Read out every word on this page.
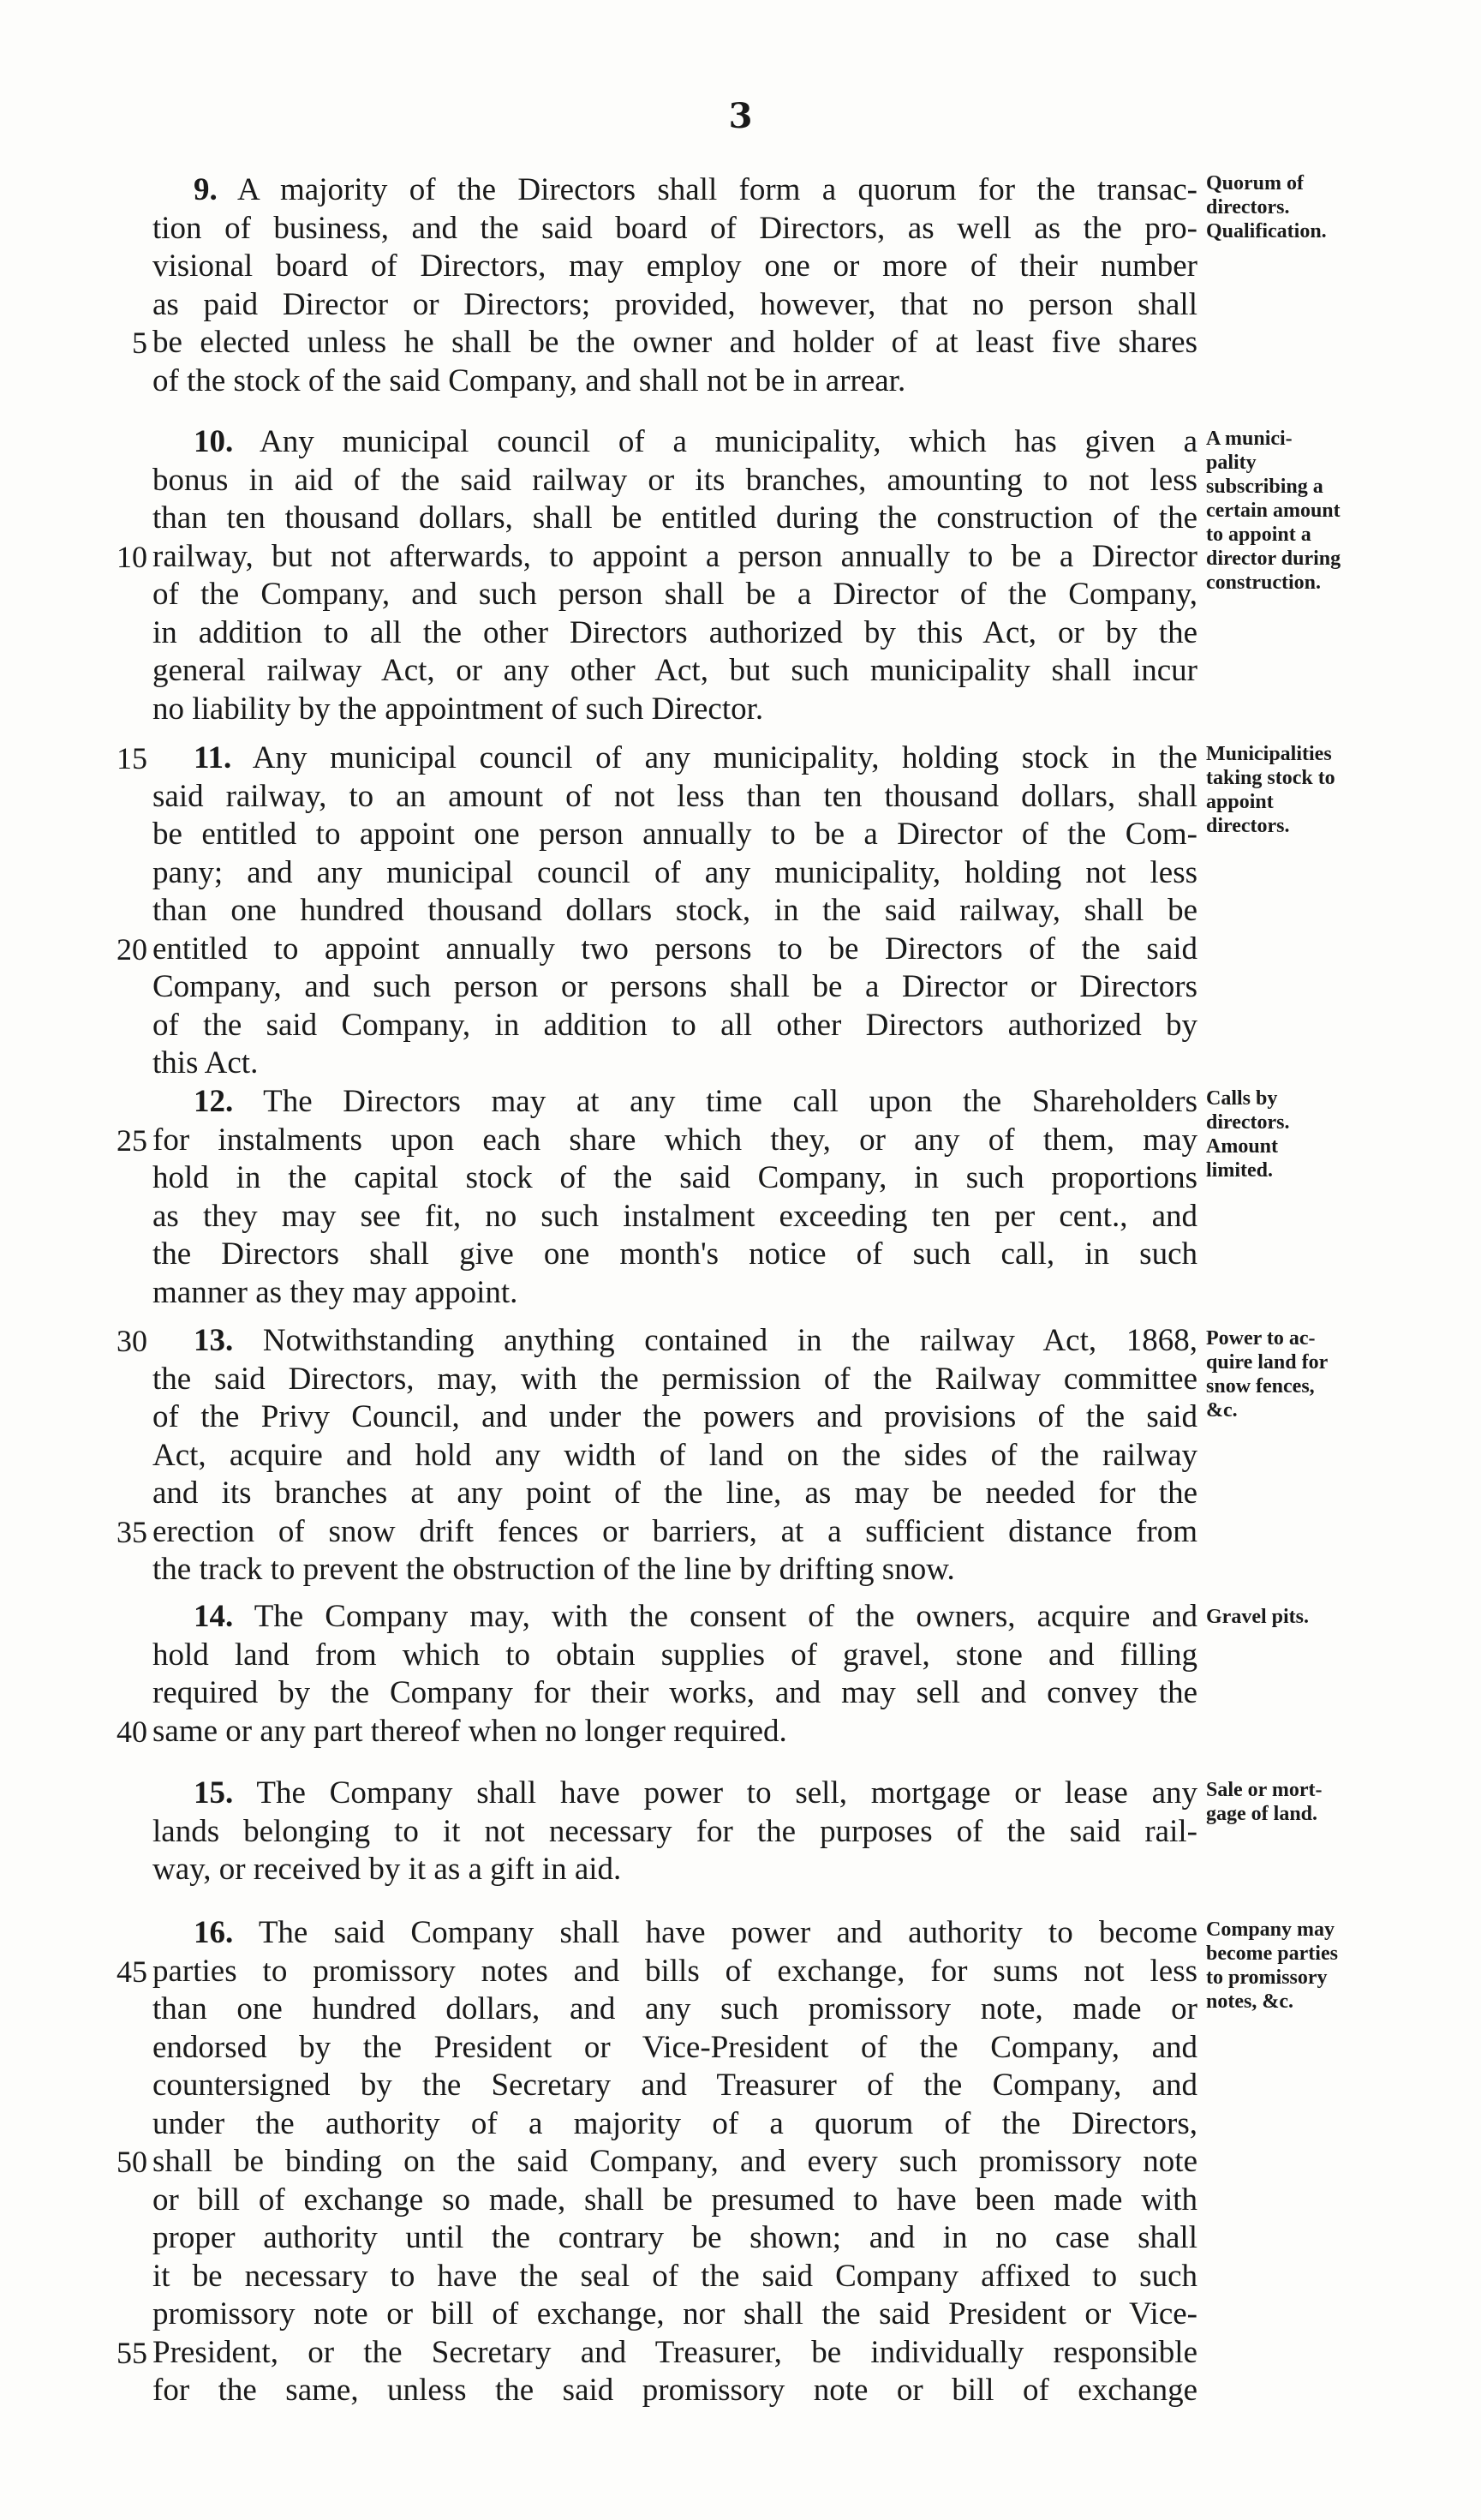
3
9. A majority of the Directors shall form a quorum for the transac-
tion of business, and the said board of Directors, as well as the pro-
visional board of Directors, may employ one or more of their number
as paid Director or Directors; provided, however, that no person shall
be elected unless he shall be the owner and holder of at least five shares
of the stock of the said Company, and shall not be in arrear.
Quorum of
directors.
Qualification.
10. Any municipal council of a municipality, which has given a
bonus in aid of the said railway or its branches, amounting to not less
than ten thousand dollars, shall be entitled during the construction of the
railway, but not afterwards, to appoint a person annually to be a Director
of the Company, and such person shall be a Director of the Company,
in addition to all the other Directors authorized by this Act, or by the
general railway Act, or any other Act, but such municipality shall incur
no liability by the appointment of such Director.
A munici-
pality
subscribing a
certain amount
to appoint a
director during
construction.
11. Any municipal council of any municipality, holding stock in the
said railway, to an amount of not less than ten thousand dollars, shall
be entitled to appoint one person annually to be a Director of the Com-
pany; and any municipal council of any municipality, holding not less
than one hundred thousand dollars stock, in the said railway, shall be
entitled to appoint annually two persons to be Directors of the said
Company, and such person or persons shall be a Director or Directors
of the said Company, in addition to all other Directors authorized by
this Act.
Municipalities
taking stock to
appoint
directors.
12. The Directors may at any time call upon the Shareholders
for instalments upon each share which they, or any of them, may
hold in the capital stock of the said Company, in such proportions
as they may see fit, no such instalment exceeding ten per cent., and
the Directors shall give one month's notice of such call, in such
manner as they may appoint.
Calls by
directors.
Amount
limited.
13. Notwithstanding anything contained in the railway Act, 1868,
the said Directors, may, with the permission of the Railway committee
of the Privy Council, and under the powers and provisions of the said
Act, acquire and hold any width of land on the sides of the railway
and its branches at any point of the line, as may be needed for the
erection of snow drift fences or barriers, at a sufficient distance from
the track to prevent the obstruction of the line by drifting snow.
Power to ac-
quire land for
snow fences,
&c.
14. The Company may, with the consent of the owners, acquire and
hold land from which to obtain supplies of gravel, stone and filling
required by the Company for their works, and may sell and convey the
same or any part thereof when no longer required.
Gravel pits.
15. The Company shall have power to sell, mortgage or lease any
lands belonging to it not necessary for the purposes of the said rail-
way, or received by it as a gift in aid.
Sale or mort-
gage of land.
16. The said Company shall have power and authority to become
parties to promissory notes and bills of exchange, for sums not less
than one hundred dollars, and any such promissory note, made or
endorsed by the President or Vice-President of the Company, and
countersigned by the Secretary and Treasurer of the Company, and
under the authority of a majority of a quorum of the Directors,
shall be binding on the said Company, and every such promissory note
or bill of exchange so made, shall be presumed to have been made with
proper authority until the contrary be shown; and in no case shall
it be necessary to have the seal of the said Company affixed to such
promissory note or bill of exchange, nor shall the said President or Vice-
President, or the Secretary and Treasurer, be individually responsible
for the same, unless the said promissory note or bill of exchange
Company may
become parties
to promissory
notes, &c.
5
10
15
20
25
30
35
40
45
50
55
